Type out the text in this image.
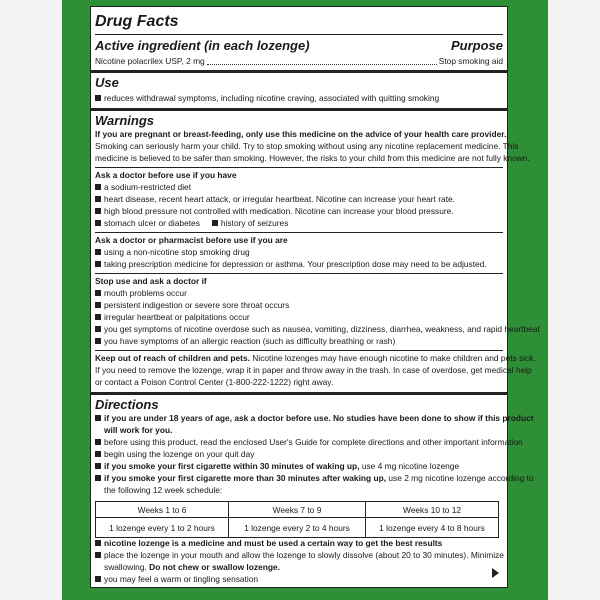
Drug Facts
Active ingredient (in each lozenge)	Purpose
Nicotine polacrilex USP, 2 mg	Stop smoking aid
Use
reduces withdrawal symptoms, including nicotine craving, associated with quitting smoking
Warnings
If you are pregnant or breast-feeding, only use this medicine on the advice of your health care provider.
Smoking can seriously harm your child. Try to stop smoking without using any nicotine replacement medicine. This
medicine is believed to be safer than smoking. However, the risks to your child from this medicine are not fully known.
Ask a doctor before use if you have
a sodium-restricted diet
heart disease, recent heart attack, or irregular heartbeat. Nicotine can increase your heart rate.
high blood pressure not controlled with medication. Nicotine can increase your blood pressure.
stomach ulcer or diabetes	history of seizures
Ask a doctor or pharmacist before use if you are
using a non-nicotine stop smoking drug
taking prescription medicine for depression or asthma. Your prescription dose may need to be adjusted.
Stop use and ask a doctor if
mouth problems occur
persistent indigestion or severe sore throat occurs
irregular heartbeat or palpitations occur
you get symptoms of nicotine overdose such as nausea, vomiting, dizziness, diarrhea, weakness, and rapid heartbeat
you have symptoms of an allergic reaction (such as difficulty breathing or rash)
Keep out of reach of children and pets. Nicotine lozenges may have enough nicotine to make children and pets sick.
If you need to remove the lozenge, wrap it in paper and throw away in the trash. In case of overdose, get medical help
or contact a Poison Control Center (1-800-222-1222) right away.
Directions
if you are under 18 years of age, ask a doctor before use. No studies have been done to show if this product
will work for you.
before using this product, read the enclosed User's Guide for complete directions and other important information
begin using the lozenge on your quit day
if you smoke your first cigarette within 30 minutes of waking up, use 4 mg nicotine lozenge
if you smoke your first cigarette more than 30 minutes after waking up, use 2 mg nicotine lozenge according to
the following 12 week schedule:
Weeks 1 to 6	Weeks 7 to 9	Weeks 10 to 12
1 lozenge every 1 to 2 hours	1 lozenge every 2 to 4 hours	1 lozenge every 4 to 8 hours
nicotine lozenge is a medicine and must be used a certain way to get the best results
place the lozenge in your mouth and allow the lozenge to slowly dissolve (about 20 to 30 minutes). Minimize
swallowing. Do not chew or swallow lozenge.
you may feel a warm or tingling sensation
